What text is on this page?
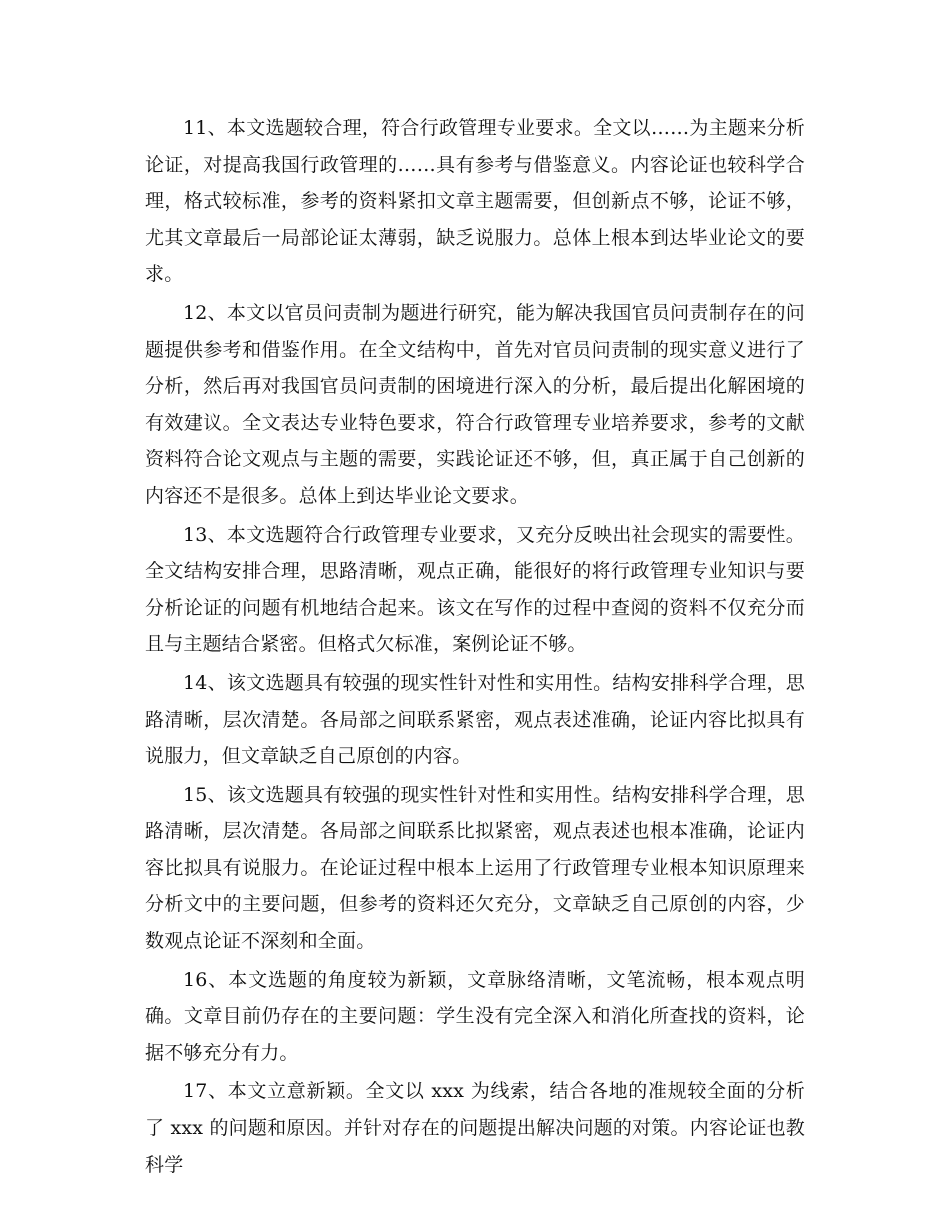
11、本文选题较合理，符合行政管理专业要求。全文以……为主题来分析论证，对提高我国行政管理的……具有参考与借鉴意义。内容论证也较科学合理，格式较标准，参考的资料紧扣文章主题需要，但创新点不够，论证不够，尤其文章最后一局部论证太薄弱，缺乏说服力。总体上根本到达毕业论文的要求。

12、本文以官员问责制为题进行研究，能为解决我国官员问责制存在的问题提供参考和借鉴作用。在全文结构中，首先对官员问责制的现实意义进行了分析，然后再对我国官员问责制的困境进行深入的分析，最后提出化解困境的有效建议。全文表达专业特色要求，符合行政管理专业培养要求，参考的文献资料符合论文观点与主题的需要，实践论证还不够，但，真正属于自己创新的内容还不是很多。总体上到达毕业论文要求。

13、本文选题符合行政管理专业要求，又充分反映出社会现实的需要性。全文结构安排合理，思路清晰，观点正确，能很好的将行政管理专业知识与要分析论证的问题有机地结合起来。该文在写作的过程中查阅的资料不仅充分而且与主题结合紧密。但格式欠标准，案例论证不够。

14、该文选题具有较强的现实性针对性和实用性。结构安排科学合理，思路清晰，层次清楚。各局部之间联系紧密，观点表述准确，论证内容比拟具有说服力，但文章缺乏自己原创的内容。

15、该文选题具有较强的现实性针对性和实用性。结构安排科学合理，思路清晰，层次清楚。各局部之间联系比拟紧密，观点表述也根本准确，论证内容比拟具有说服力。在论证过程中根本上运用了行政管理专业根本知识原理来分析文中的主要问题，但参考的资料还欠充分，文章缺乏自己原创的内容，少数观点论证不深刻和全面。

16、本文选题的角度较为新颖，文章脉络清晰，文笔流畅，根本观点明确。文章目前仍存在的主要问题：学生没有完全深入和消化所查找的资料，论据不够充分有力。

17、本文立意新颖。全文以 xxx 为线索，结合各地的准规较全面的分析了 xxx 的问题和原因。并针对存在的问题提出解决问题的对策。内容论证也教科学
